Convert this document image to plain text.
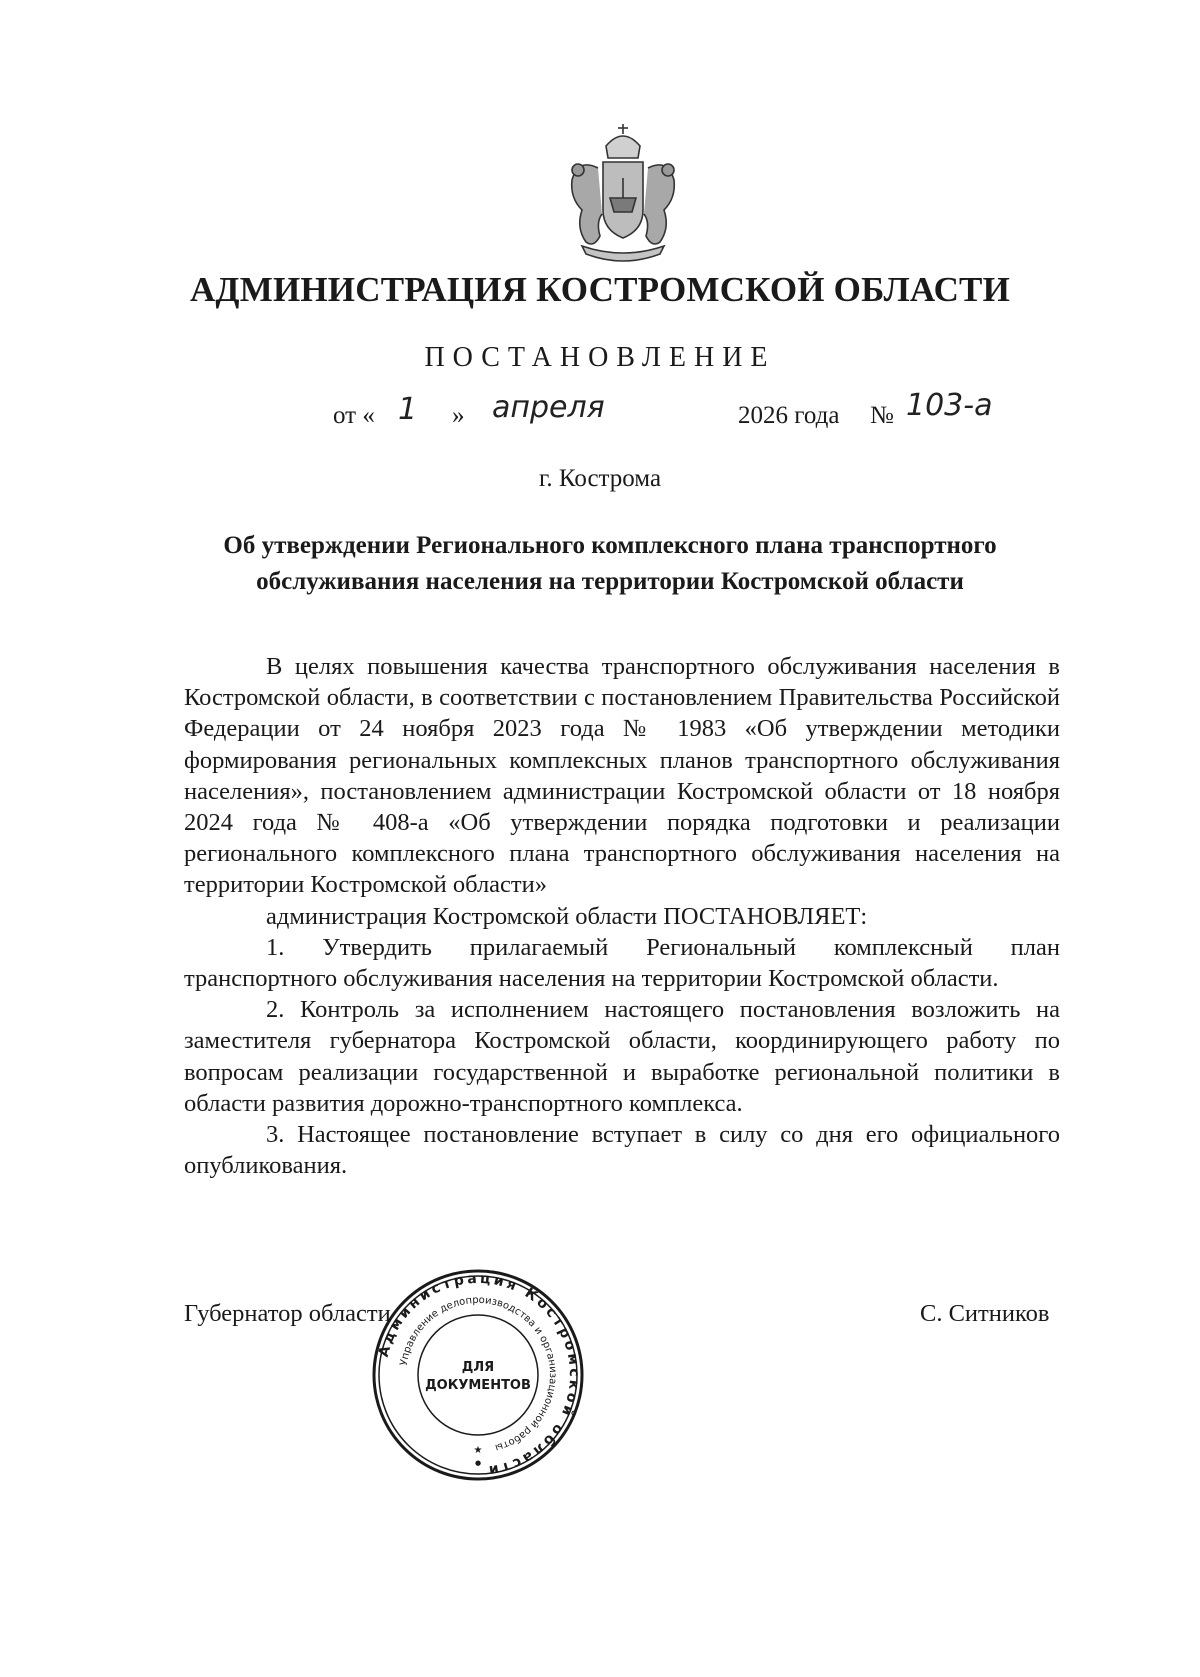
АДМИНИСТРАЦИЯ КОСТРОМСКОЙ ОБЛАСТИ
ПОСТАНОВЛЕНИЕ
от « 1 » апреля	2026 года № 103-а
г. Кострома
Об утверждении Регионального комплексного плана транспортного обслуживания населения на территории Костромской области

В целях повышения качества транспортного обслуживания населения в Костромской области, в соответствии с постановлением Правительства Российской Федерации от 24 ноября 2023 года № 1983 «Об утверждении методики формирования региональных комплексных планов транспортного обслуживания населения», постановлением администрации Костромской области от 18 ноября 2024 года № 408-а «Об утверждении порядка подготовки и реализации регионального комплексного плана транспортного обслуживания населения на территории Костромской области»

администрация Костромской области ПОСТАНОВЛЯЕТ:

1. Утвердить прилагаемый Региональный комплексный план транспортного обслуживания населения на территории Костромской области.

2. Контроль за исполнением настоящего постановления возложить на заместителя губернатора Костромской области, координирующего работу по вопросам реализации государственной и выработке региональной политики в области развития дорожно-транспортного комплекса.

3. Настоящее постановление вступает в силу со дня его официального опубликования.

Губернатор области	С. Ситников
Администрация Костромской области
Управление делопроизводства и организационной работы
ДЛЯ
ДОКУМЕНТОВ
★
●
